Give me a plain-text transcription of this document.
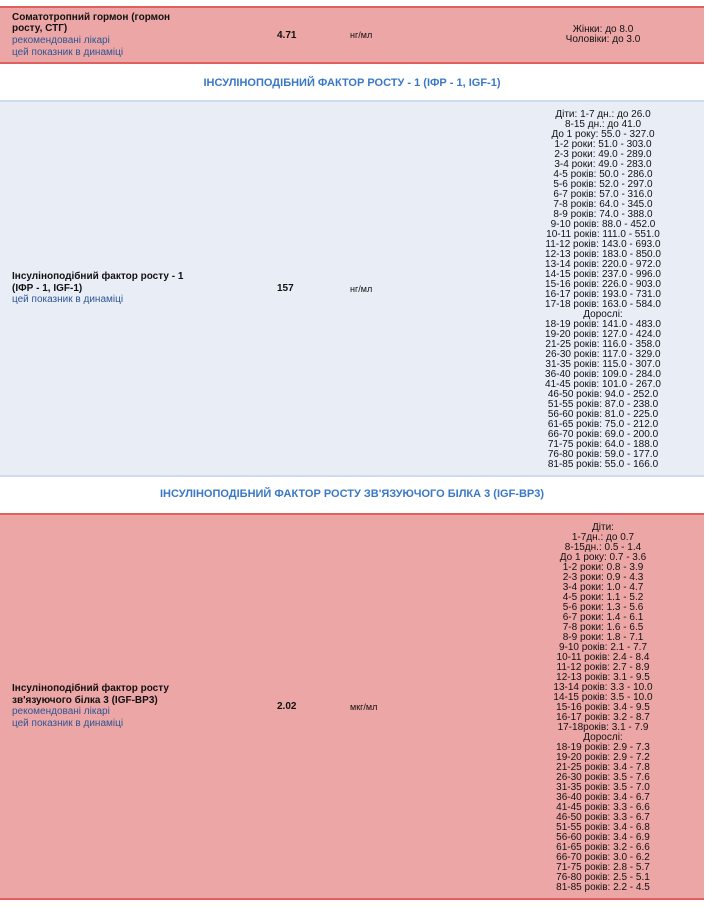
Соматотропний гормон (гормон росту, СТГ)
рекомендовані лікарі
цей показник в динаміці
4.71	нг/мл	Жінки: до 8.0
Чоловіки: до 3.0
ІНСУЛІНОПОДІБНИЙ ФАКТОР РОСТУ - 1 (ІФР - 1, IGF-1)
Інсуліноподібний фактор росту - 1 (ІФР - 1, IGF-1)
цей показник в динаміці
157	нг/мл
Діти: 1-7 дн.: до 26.0
8-15 дн.: до 41.0
До 1 року: 55.0 - 327.0
1-2 роки: 51.0 - 303.0
2-3 роки: 49.0 - 289.0
3-4 роки: 49.0 - 283.0
4-5 років: 50.0 - 286.0
5-6 років: 52.0 - 297.0
6-7 років: 57.0 - 316.0
7-8 років: 64.0 - 345.0
8-9 років: 74.0 - 388.0
9-10 років: 88.0 - 452.0
10-11 років: 111.0 - 551.0
11-12 років: 143.0 - 693.0
12-13 років: 183.0 - 850.0
13-14 років: 220.0 - 972.0
14-15 років: 237.0 - 996.0
15-16 років: 226.0 - 903.0
16-17 років: 193.0 - 731.0
17-18 років: 163.0 - 584.0
Дорослі:
18-19 років: 141.0 - 483.0
19-20 років: 127.0 - 424.0
21-25 років: 116.0 - 358.0
26-30 років: 117.0 - 329.0
31-35 років: 115.0 - 307.0
36-40 років: 109.0 - 284.0
41-45 років: 101.0 - 267.0
46-50 років: 94.0 - 252.0
51-55 років: 87.0 - 238.0
56-60 років: 81.0 - 225.0
61-65 років: 75.0 - 212.0
66-70 років: 69.0 - 200.0
71-75 років: 64.0 - 188.0
76-80 років: 59.0 - 177.0
81-85 років: 55.0 - 166.0
ІНСУЛІНОПОДІБНИЙ ФАКТОР РОСТУ ЗВ'ЯЗУЮЧОГО БІЛКА 3 (IGF-BP3)
Інсуліноподібний фактор росту зв'язуючого білка 3 (IGF-BP3)
рекомендовані лікарі
цей показник в динаміці
2.02	мкг/мл
Діти:
1-7дн.: до 0.7
8-15дн.: 0.5 - 1.4
До 1 року: 0.7 - 3.6
1-2 роки: 0.8 - 3.9
2-3 роки: 0.9 - 4.3
3-4 роки: 1.0 - 4.7
4-5 роки: 1.1 - 5.2
5-6 роки: 1.3 - 5.6
6-7 роки: 1.4 - 6.1
7-8 роки: 1.6 - 6.5
8-9 роки: 1.8 - 7.1
9-10 років: 2.1 - 7.7
10-11 років: 2.4 - 8.4
11-12 років: 2.7 - 8.9
12-13 років: 3.1 - 9.5
13-14 років: 3.3 - 10.0
14-15 років: 3.5 - 10.0
15-16 років: 3.4 - 9.5
16-17 років: 3.2 - 8.7
17-18років: 3.1 - 7.9
Дорослі:
18-19 років: 2.9 - 7.3
19-20 років: 2.9 - 7.2
21-25 років: 3.4 - 7.8
26-30 років: 3.5 - 7.6
31-35 років: 3.5 - 7.0
36-40 років: 3.4 - 6.7
41-45 років: 3.3 - 6.6
46-50 років: 3.3 - 6.7
51-55 років: 3.4 - 6.8
56-60 років: 3.4 - 6.9
61-65 років: 3.2 - 6.6
66-70 років: 3.0 - 6.2
71-75 років: 2.8 - 5.7
76-80 років: 2.5 - 5.1
81-85 років: 2.2 - 4.5
